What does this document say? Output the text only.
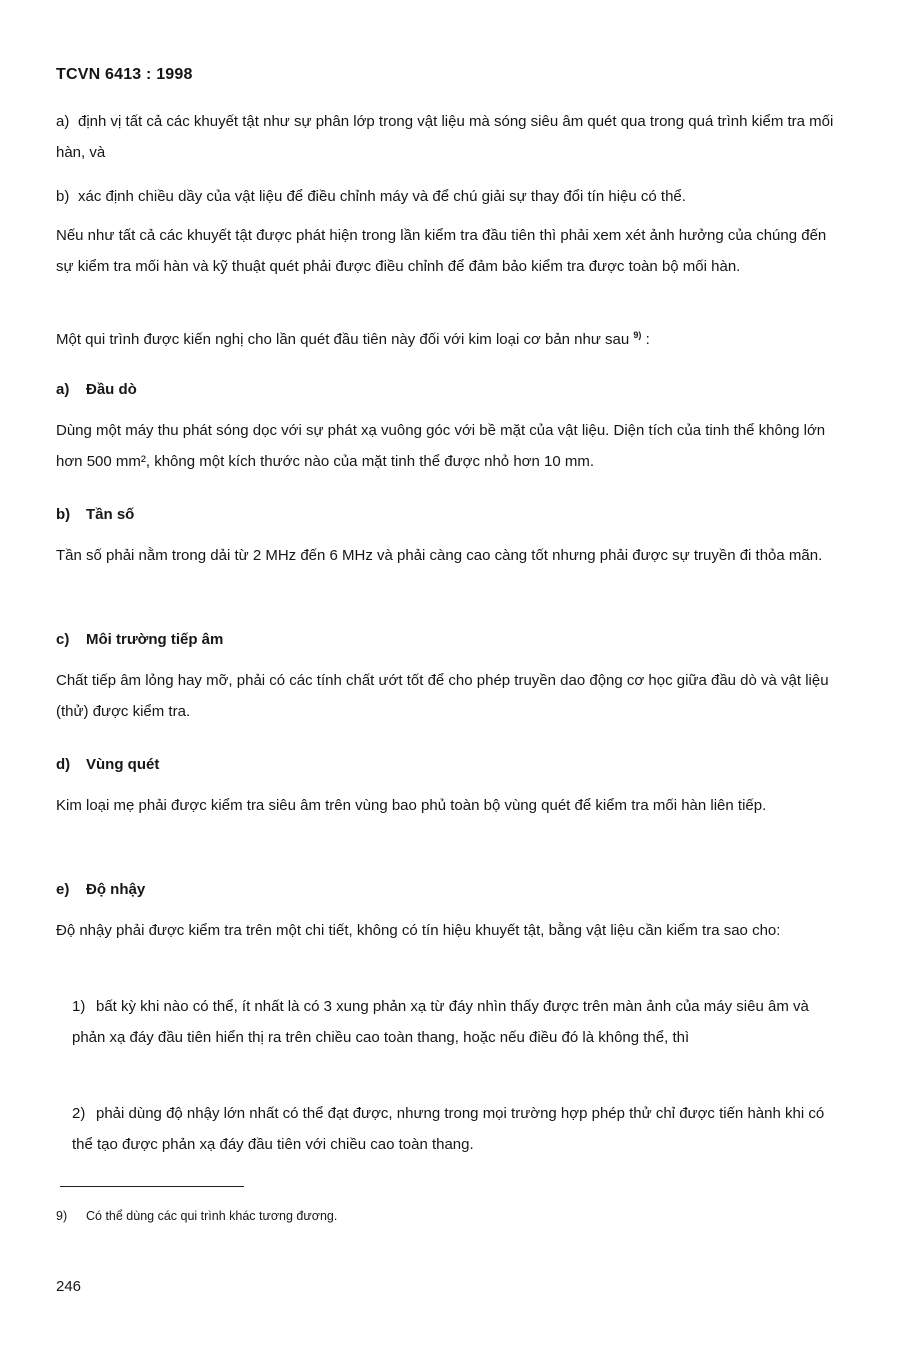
TCVN 6413 : 1998

a) định vị tất cả các khuyết tật như sự phân lớp trong vật liệu mà sóng siêu âm quét qua trong quá trình kiểm tra mối hàn, và

b) xác định chiều dầy của vật liệu để điều chỉnh máy và để chú giải sự thay đổi tín hiệu có thể.

Nếu như tất cả các khuyết tật được phát hiện trong lần kiểm tra đầu tiên thì phải xem xét ảnh hưởng của chúng đến sự kiểm tra mối hàn và kỹ thuật quét phải được điều chỉnh để đảm bảo kiểm tra được toàn bộ mối hàn.

Một qui trình được kiến nghị cho lần quét đầu tiên này đối với kim loại cơ bản như sau $^{9)}$ :

a) Đầu dò

Dùng một máy thu phát sóng dọc với sự phát xạ vuông góc với bề mặt của vật liệu. Diện tích của tinh thể không lớn hơn 500 mm², không một kích thước nào của mặt tinh thể được nhỏ hơn 10 mm.

b) Tần số

Tần số phải nằm trong dải từ 2 MHz đến 6 MHz và phải càng cao càng tốt nhưng phải được sự truyền đi thỏa mãn.

c) Môi trường tiếp âm

Chất tiếp âm lỏng hay mỡ, phải có các tính chất ướt tốt để cho phép truyền dao động cơ học giữa đầu dò và vật liệu (thử) được kiểm tra.

d) Vùng quét

Kim loại mẹ phải được kiểm tra siêu âm trên vùng bao phủ toàn bộ vùng quét để kiểm tra mối hàn liên tiếp.

e) Độ nhậy

Độ nhậy phải được kiểm tra trên một chi tiết, không có tín hiệu khuyết tật, bằng vật liệu cần kiểm tra sao cho:

1) bất kỳ khi nào có thể, ít nhất là có 3 xung phản xạ từ đáy nhìn thấy được trên màn ảnh của máy siêu âm và phản xạ đáy đầu tiên hiển thị ra trên chiều cao toàn thang, hoặc nếu điều đó là không thể, thì

2) phải dùng độ nhậy lớn nhất có thể đạt được, nhưng trong mọi trường hợp phép thử chỉ được tiến hành khi có thể tạo được phản xạ đáy đầu tiên với chiều cao toàn thang.

9) Có thể dùng các qui trình khác tương đương.
246
